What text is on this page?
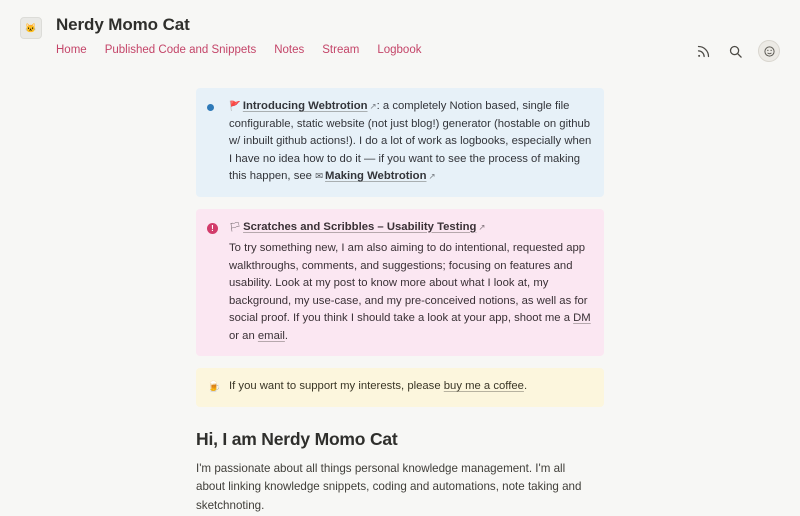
🐱 Nerdy Momo Cat
Home Published Code and Snippets Notes Stream Logbook
🚩 Introducing Webtrotion ↗: a completely Notion based, single file configurable, static website (not just blog!) generator (hostable on github w/ inbuilt github actions!). I do a lot of work as logbooks, especially when I have no idea how to do it — if you want to see the process of making this happen, see ✉ Making Webtrotion ↗
!	🏳 Scratches and Scribbles – Usability Testing ↗
To try something new, I am also aiming to do intentional, requested app walkthroughs, comments, and suggestions; focusing on features and usability. Look at my post to know more about what I look at, my background, my use-case, and my pre-conceived notions, as well as for social proof. If you think I should take a look at your app, shoot me a DM or an email.
🍺 If you want to support my interests, please buy me a coffee.
Hi, I am Nerdy Momo Cat

I'm passionate about all things personal knowledge management. I'm all about linking knowledge snippets, coding and automations, note taking and sketchnoting.
